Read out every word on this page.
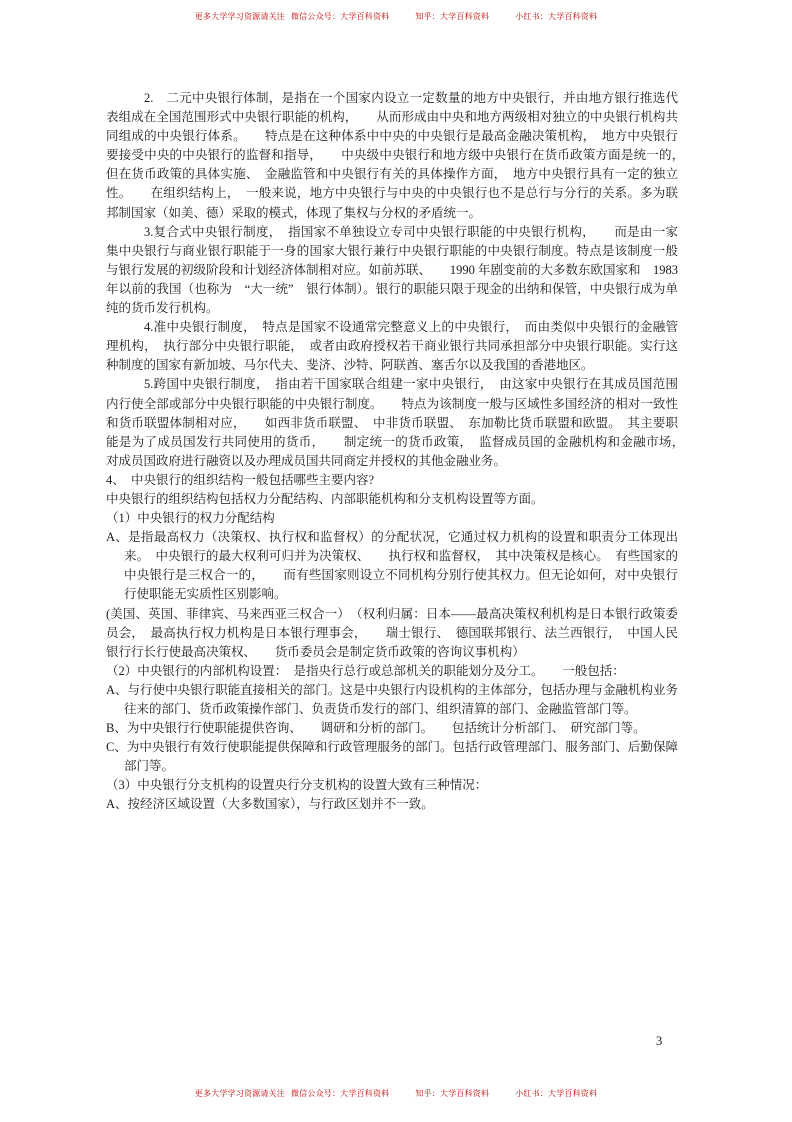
更多大学学习资源请关注 微信公众号：大学百科资料	知乎：大学百科资料	小红书：大学百科资料

2.　二元中央银行体制，是指在一个国家内设立一定数量的地方中央银行，并由地方银行推选代表组成在全国范围形式中央银行职能的机构，　　从而形成由中央和地方两级相对独立的中央银行机构共同组成的中央银行体系。　　特点是在这种体系中中央的中央银行是最高金融决策机构，　地方中央银行要接受中央的中央银行的监督和指导，　　中央级中央银行和地方级中央银行在货币政策方面是统一的，　但在货币政策的具体实施、　金融监管和中央银行有关的具体操作方面，　地方中央银行具有一定的独立性。　　在组织结构上，　一般来说，地方中央银行与中央的中央银行也不是总行与分行的关系。多为联邦制国家（如美、德）采取的模式，体现了集权与分权的矛盾统一。

3.复合式中央银行制度，　指国家不单独设立专司中央银行职能的中央银行机构，　　而是由一家集中央银行与商业银行职能于一身的国家大银行兼行中央银行职能的中央银行制度。特点是该制度一般与银行发展的初级阶段和计划经济体制相对应。如前苏联、　　1990 年剧变前的大多数东欧国家和　1983 年以前的我国（也称为　“大一统”　银行体制）。银行的职能只限于现金的出纳和保管，中央银行成为单纯的货币发行机构。

4.准中央银行制度，　特点是国家不设通常完整意义上的中央银行，　而由类似中央银行的金融管理机构，　执行部分中央银行职能，　或者由政府授权若干商业银行共同承担部分中央银行职能。实行这种制度的国家有新加坡、马尔代夫、斐济、沙特、阿联酋、塞舌尔以及我国的香港地区。

5.跨国中央银行制度，　指由若干国家联合组建一家中央银行，　由这家中央银行在其成员国范围内行使全部或部分中央银行职能的中央银行制度。　　特点为该制度一般与区域性多国经济的相对一致性和货币联盟体制相对应，　　如西非货币联盟、　中非货币联盟、　东加勒比货币联盟和欧盟。　其主要职能是为了成员国发行共同使用的货币，　　制定统一的货币政策，　监督成员国的金融机构和金融市场，　对成员国政府进行融资以及办理成员国共同商定并授权的其他金融业务。

4、　中央银行的组织结构一般包括哪些主要内容?

中央银行的组织结构包括权力分配结构、内部职能机构和分支机构设置等方面。

（1）中央银行的权力分配结构

A、是指最高权力（决策权、执行权和监督权）的分配状况，它通过权力机构的设置和职责分工体现出来。　中央银行的最大权利可归并为决策权、　　执行权和监督权，　其中决策权是核心。　有些国家的中央银行是三权合一的，　　而有些国家则设立不同机构分别行使其权力。但无论如何，对中央银行行使职能无实质性区别影响。

(美国、英国、菲律宾、马来西亚三权合一）　（权利归属：日本——最高决策权利机构是日本银行政策委员会，　最高执行权力机构是日本银行理事会，　　瑞士银行、　德国联邦银行、法兰西银行，　中国人民银行行长行使最高决策权、　　货币委员会是制定货币政策的咨询议事机构）

（2）中央银行的内部机构设置：　是指央行总行或总部机关的职能划分及分工。　　一般包括：

A、与行使中央银行职能直接相关的部门。这是中央银行内设机构的主体部分，包括办理与金融机构业务往来的部门、货币政策操作部门、负责货币发行的部门、组织清算的部门、金融监管部门等。

B、为中央银行行使职能提供咨询、　　调研和分析的部门。　　包括统计分析部门、　研究部门等。

C、为中央银行有效行使职能提供保障和行政管理服务的部门。包括行政管理部门、服务部门、后勤保障部门等。

（3）中央银行分支机构的设置央行分支机构的设置大致有三种情况：

A、按经济区域设置（大多数国家），与行政区划并不一致。

3
更多大学学习资源请关注 微信公众号：大学百科资料	知乎：大学百科资料	小红书：大学百科资料
